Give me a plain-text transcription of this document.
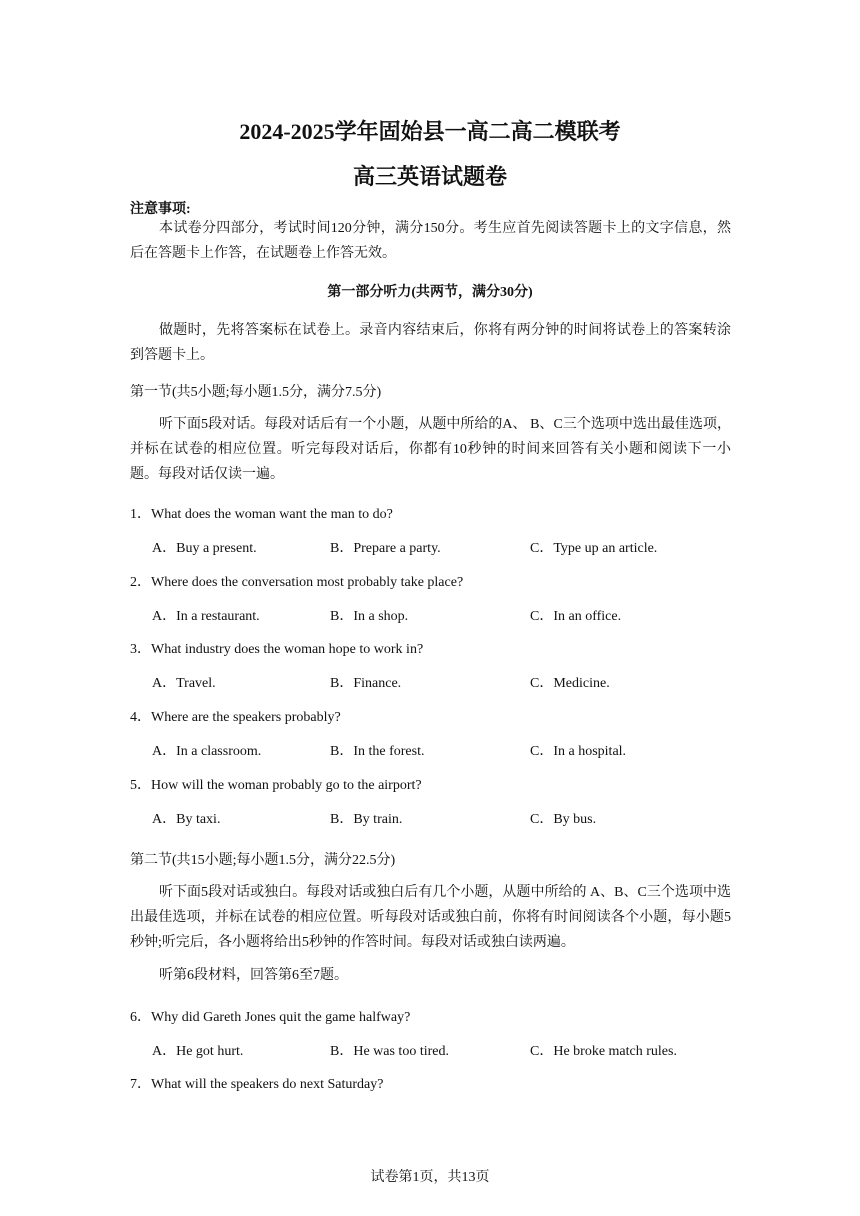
2024-2025学年固始县一高二高二模联考
高三英语试题卷
注意事项:
本试卷分四部分，考试时间120分钟，满分150分。考生应首先阅读答题卡上的文字信息，然后在答题卡上作答，在试题卷上作答无效。
第一部分听力(共两节，满分30分)
做题时，先将答案标在试卷上。录音内容结束后，你将有两分钟的时间将试卷上的答案转涂到答题卡上。
第一节(共5小题;每小题1.5分，满分7.5分)
听下面5段对话。每段对话后有一个小题，从题中所给的A、 B、C三个选项中选出最佳选项，并标在试卷的相应位置。听完每段对话后，你都有10秒钟的时间来回答有关小题和阅读下一小题。每段对话仅读一遍。
1．What does the woman want the man to do?
A．Buy a present.	B．Prepare a party.	C．Type up an article.
2．Where does the conversation most probably take place?
A．In a restaurant.	B．In a shop.	C．In an office.
3．What industry does the woman hope to work in?
A．Travel.	B．Finance.	C．Medicine.
4．Where are the speakers probably?
A．In a classroom.	B．In the forest.	C．In a hospital.
5．How will the woman probably go to the airport?
A．By taxi.	B．By train.	C．By bus.
第二节(共15小题;每小题1.5分，满分22.5分)
听下面5段对话或独白。每段对话或独白后有几个小题，从题中所给的 A、B、C三个选项中选出最佳选项，并标在试卷的相应位置。听每段对话或独白前，你将有时间阅读各个小题，每小题5秒钟;听完后，各小题将给出5秒钟的作答时间。每段对话或独白读两遍。
听第6段材料，回答第6至7题。
6．Why did Gareth Jones quit the game halfway?
A．He got hurt.	B．He was too tired.	C．He broke match rules.
7．What will the speakers do next Saturday?
试卷第1页，共13页
